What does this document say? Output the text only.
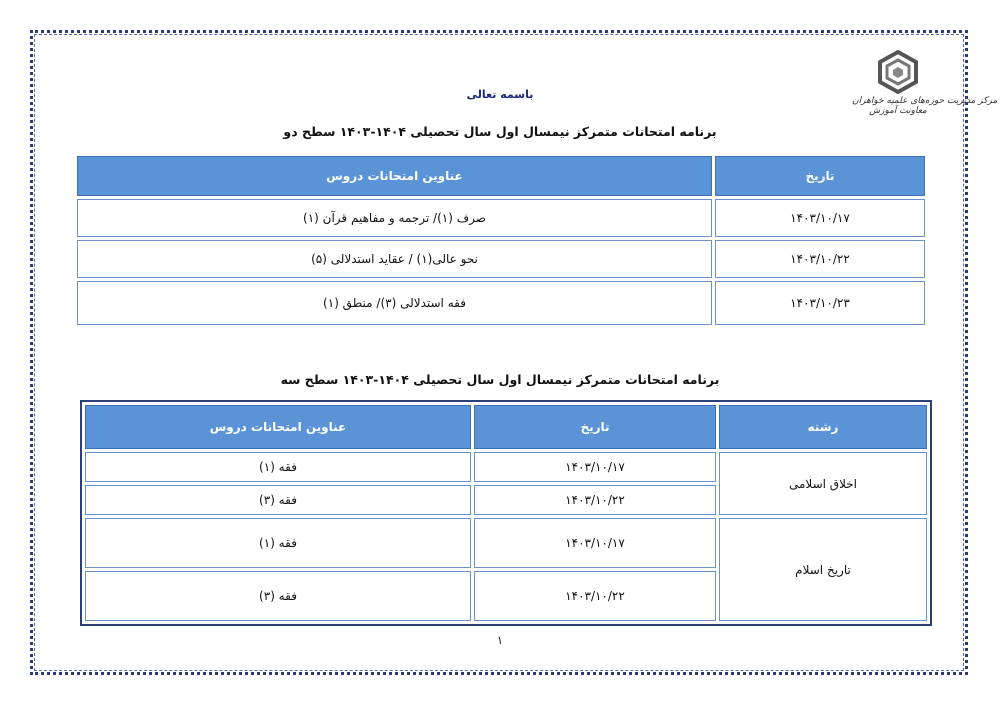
مرکز مدیریت حوزه‌های علمیه خواهران
معاونت آموزش
باسمه تعالی
برنامه امتحانات متمرکز نیمسال اول سال تحصیلی ۱۴۰۴-۱۴۰۳ سطح دو
تاریخ	عناوین امتحانات دروس
۱۴۰۳/۱۰/۱۷	صرف (۱)/ ترجمه و مفاهیم قرآن (۱)
۱۴۰۳/۱۰/۲۲	نحو عالی(۱) / عقاید استدلالی (۵)
۱۴۰۳/۱۰/۲۳	فقه استدلالی (۳)/ منطق (۱)
برنامه امتحانات متمرکز نیمسال اول سال تحصیلی ۱۴۰۴-۱۴۰۳ سطح سه
رشته	تاریخ	عناوین امتحانات دروس
اخلاق اسلامی	۱۴۰۳/۱۰/۱۷	فقه (۱)
	۱۴۰۳/۱۰/۲۲	فقه (۳)
تاریخ اسلام	۱۴۰۳/۱۰/۱۷	فقه (۱)
	۱۴۰۳/۱۰/۲۲	فقه (۳)
۱
